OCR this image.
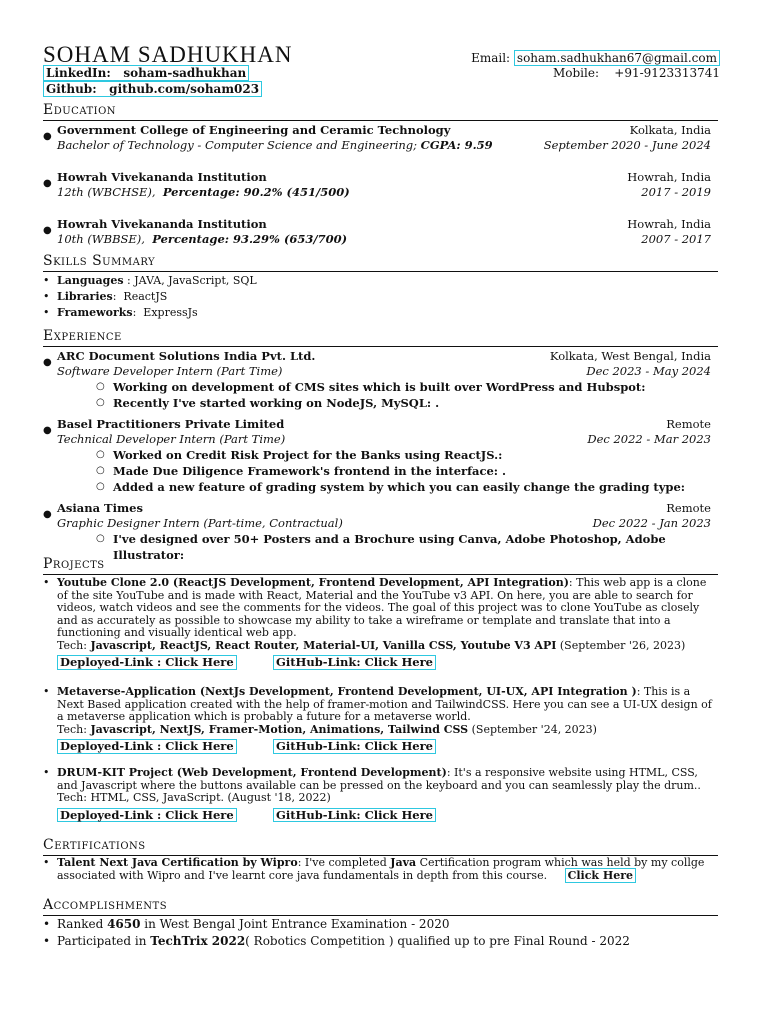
SOHAM SADHUKHAN
LinkedIn: soham-sadhukhan
Github: github.com/soham023
Email: soham.sadhukhan67@gmail.com
Mobile: +91-9123313741
Education
● Government College of Engineering and Ceramic Technology	Kolkata, India
Bachelor of Technology - Computer Science and Engineering; CGPA: 9.59	September 2020 - June 2024
● Howrah Vivekananda Institution	Howrah, India
12th (WBCHSE), Percentage: 90.2% (451/500)	2017 - 2019
● Howrah Vivekananda Institution	Howrah, India
10th (WBBSE), Percentage: 93.29% (653/700)	2007 - 2017
Skills Summary
• Languages : JAVA, JavaScript, SQL
• Libraries:  ReactJS
• Frameworks:  ExpressJs
Experience
● ARC Document Solutions India Pvt. Ltd.	Kolkata, West Bengal, India
Software Developer Intern (Part Time)	Dec 2023 - May 2024
○ Working on development of CMS sites which is built over WordPress and Hubspot:
○ Recently I've started working on NodeJS, MySQL: .
● Basel Practitioners Private Limited	Remote
Technical Developer Intern (Part Time)	Dec 2022 - Mar 2023
○ Worked on Credit Risk Project for the Banks using ReactJS.:
○ Made Due Diligence Framework's frontend in the interface: .
○ Added a new feature of grading system by which you can easily change the grading type:
● Asiana Times	Remote
Graphic Designer Intern (Part-time, Contractual)	Dec 2022 - Jan 2023
○ I've designed over 50+ Posters and a Brochure using Canva, Adobe Photoshop, Adobe Illustrator:
Projects

• Youtube Clone 2.0 (ReactJS Development, Frontend Development, API Integration): This web app is a clone of the site YouTube and is made with React, Material and the YouTube v3 API. On here, you are able to search for videos, watch videos and see the comments for the videos. The goal of this project was to clone YouTube as closely and as accurately as possible to showcase my ability to take a wireframe or template and translate that into a functioning and visually identical web app.

Tech: Javascript, ReactJS, React Router, Material-UI, Vanilla CSS, Youtube V3 API (September '26, 2023)

Deployed-Link : Click Here	GitHub-Link: Click Here

• Metaverse-Application (NextJs Development, Frontend Development, UI-UX, API Integration ): This is a Next Based application created with the help of framer-motion and TailwindCSS. Here you can see a UI-UX design of a metaverse application which is probably a future for a metaverse world.

Tech: Javascript, NextJS, Framer-Motion, Animations, Tailwind CSS (September '24, 2023)

Deployed-Link : Click Here	GitHub-Link: Click Here

• DRUM-KIT Project (Web Development, Frontend Development): It's a responsive website using HTML, CSS, and Javascript where the buttons available can be pressed on the keyboard and you can seamlessly play the drum..

Tech: HTML, CSS, JavaScript. (August '18, 2022)

Deployed-Link : Click Here	GitHub-Link: Click Here
Certifications

• Talent Next Java Certification by Wipro: I've completed Java Certification program which was held by my collge associated with Wipro and I've learnt core java fundamentals in depth from this course. Click Here

Accomplishments
• Ranked 4650 in West Bengal Joint Entrance Examination - 2020
• Participated in TechTrix 2022( Robotics Competition ) qualified up to pre Final Round - 2022
